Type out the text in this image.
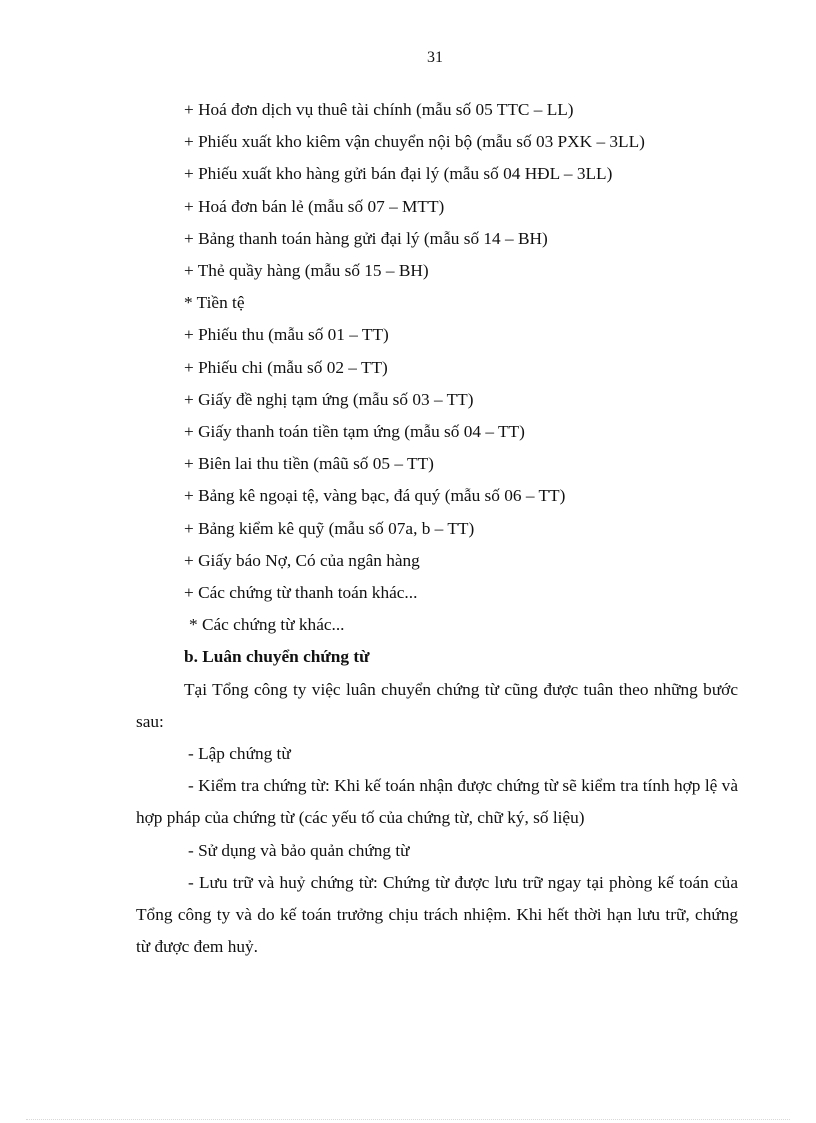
31
+ Hoá đơn dịch vụ thuê tài chính (mẫu số 05 TTC – LL)
+ Phiếu xuất kho kiêm vận chuyển nội bộ (mẫu số 03 PXK – 3LL)
+ Phiếu xuất kho hàng gửi bán đại lý (mẫu số 04 HĐL – 3LL)
+ Hoá đơn bán lẻ (mẫu số 07 – MTT)
+ Bảng thanh toán hàng gửi đại lý (mẫu số 14 – BH)
+ Thẻ quầy hàng (mẫu số 15 – BH)
* Tiền tệ
+ Phiếu thu (mẫu số 01 – TT)
+ Phiếu chi (mẫu số 02 – TT)
+ Giấy đề nghị tạm ứng (mẫu số 03 – TT)
+ Giấy thanh toán tiền tạm ứng (mẫu số 04 – TT)
+ Biên lai thu tiền (mâũ số 05 – TT)
+ Bảng kê ngoại tệ, vàng bạc, đá quý (mẫu số 06 – TT)
+ Bảng kiểm kê quỹ (mẫu số 07a, b – TT)
+ Giấy báo Nợ, Có của ngân hàng
+ Các chứng từ thanh toán khác...
* Các chứng từ khác...
b. Luân chuyển chứng từ

Tại Tổng công ty việc luân chuyển chứng từ cũng được tuân theo những bước sau:

- Lập chứng từ

- Kiểm tra chứng từ: Khi kế toán nhận được chứng từ sẽ kiểm tra tính hợp lệ và hợp pháp của chứng từ (các yếu tố của chứng từ, chữ ký, số liệu)

- Sử dụng và bảo quản chứng từ

- Lưu trữ và huỷ chứng từ: Chứng từ được lưu trữ ngay tại phòng kế toán của Tổng công ty và do kế toán trưởng chịu trách nhiệm. Khi hết thời hạn lưu trữ, chứng từ được đem huỷ.
